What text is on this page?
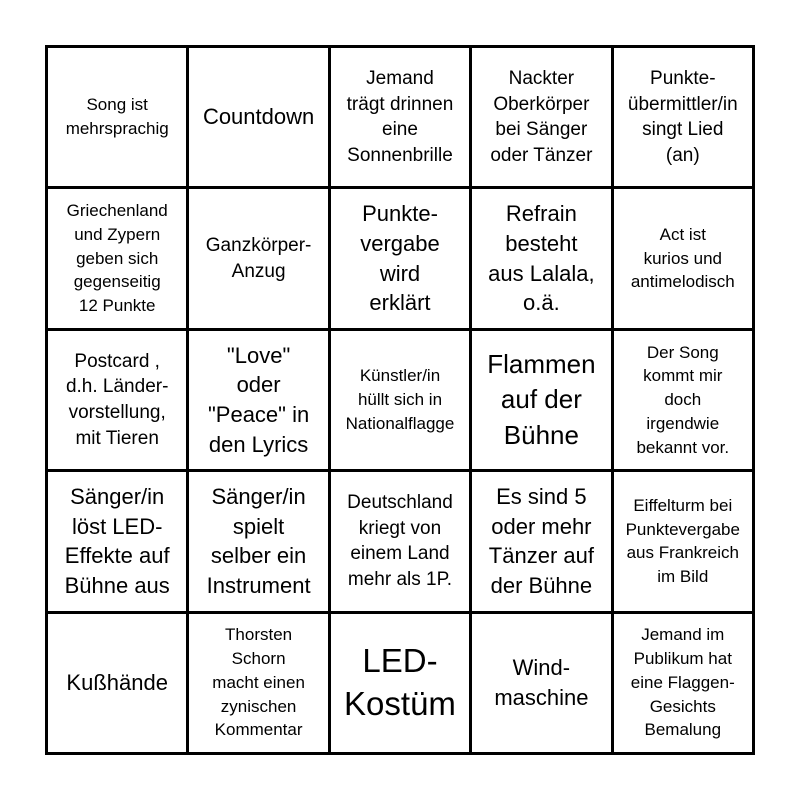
Song ist
mehrsprachig Countdown
Jemand
trägt drinnen
eine
Sonnenbrille
Nackter
Oberkörper
bei Sänger
oder Tänzer
Punkte-
übermittler/in
singt Lied
(an)
Griechenland
und Zypern
geben sich
gegenseitig
12 Punkte
Ganzkörper-
Anzug
Punkte-
vergabe
wird
erklärt
Refrain
besteht
aus Lalala,
o.ä.
Act ist
kurios und
antimelodisch
Postcard ,
d.h. Länder-
vorstellung,
mit Tieren
"Love"
oder
"Peace" in
den Lyrics
Künstler/in
hüllt sich in
Nationalflagge
Flammen
auf der
Bühne
Der Song
kommt mir
doch
irgendwie
bekannt vor.
Sänger/in
löst LED-
Effekte auf
Bühne aus
Sänger/in
spielt
selber ein
Instrument
Deutschland
kriegt von
einem Land
mehr als 1P.
Es sind 5
oder mehr
Tänzer auf
der Bühne
Eiffelturm bei
Punktevergabe
aus Frankreich
im Bild
Kußhände
Thorsten
Schorn
macht einen
zynischen
Kommentar
LED-
Kostüm
Wind-
maschine
Jemand im
Publikum hat
eine Flaggen-
Gesichts
Bemalung
